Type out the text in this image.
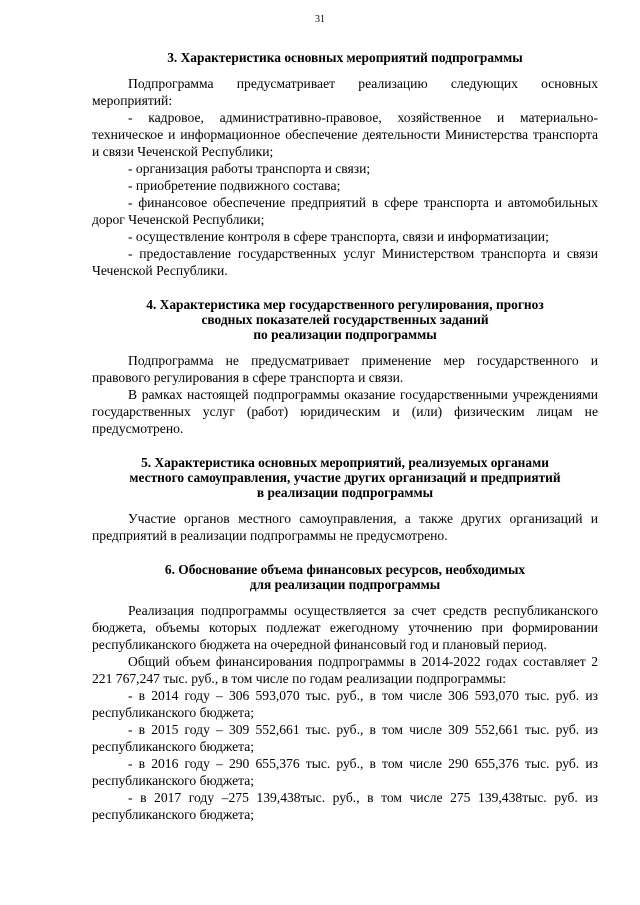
31
3. Характеристика основных мероприятий подпрограммы

Подпрограмма предусматривает реализацию следующих основных мероприятий:

- кадровое, административно-правовое, хозяйственное и материально-техническое и информационное обеспечение деятельности Министерства транспорта и связи Чеченской Республики;

- организация работы транспорта и связи;

- приобретение подвижного состава;

- финансовое обеспечение предприятий в сфере транспорта и автомобильных дорог Чеченской Республики;

- осуществление контроля в сфере транспорта, связи и информатизации;

- предоставление государственных услуг Министерством транспорта и связи Чеченской Республики.

4. Характеристика мер государственного регулирования, прогноз
сводных показателей государственных заданий
по реализации подпрограммы

Подпрограмма не предусматривает применение мер государственного и правового регулирования в сфере транспорта и связи.

В рамках настоящей подпрограммы оказание государственными учреждениями государственных услуг (работ) юридическим и (или) физическим лицам не предусмотрено.

5. Характеристика основных мероприятий, реализуемых органами
местного самоуправления, участие других организаций и предприятий
в реализации подпрограммы

Участие органов местного самоуправления, а также других организаций и предприятий в реализации подпрограммы не предусмотрено.

6. Обоснование объема финансовых ресурсов, необходимых
для реализации подпрограммы

Реализация подпрограммы осуществляется за счет средств республиканского бюджета, объемы которых подлежат ежегодному уточнению при формировании республиканского бюджета на очередной финансовый год и плановый период.

Общий объем финансирования подпрограммы в 2014-2022 годах составляет 2 221 767,247 тыс. руб., в том числе по годам реализации подпрограммы:

- в 2014 году – 306 593,070 тыс. руб., в том числе 306 593,070 тыс. руб. из республиканского бюджета;

- в 2015 году – 309 552,661 тыс. руб., в том числе 309 552,661 тыс. руб. из республиканского бюджета;

- в 2016 году – 290 655,376 тыс. руб., в том числе 290 655,376 тыс. руб. из республиканского бюджета;

- в 2017 году –275 139,438тыс. руб., в том числе 275 139,438тыс. руб. из республиканского бюджета;
